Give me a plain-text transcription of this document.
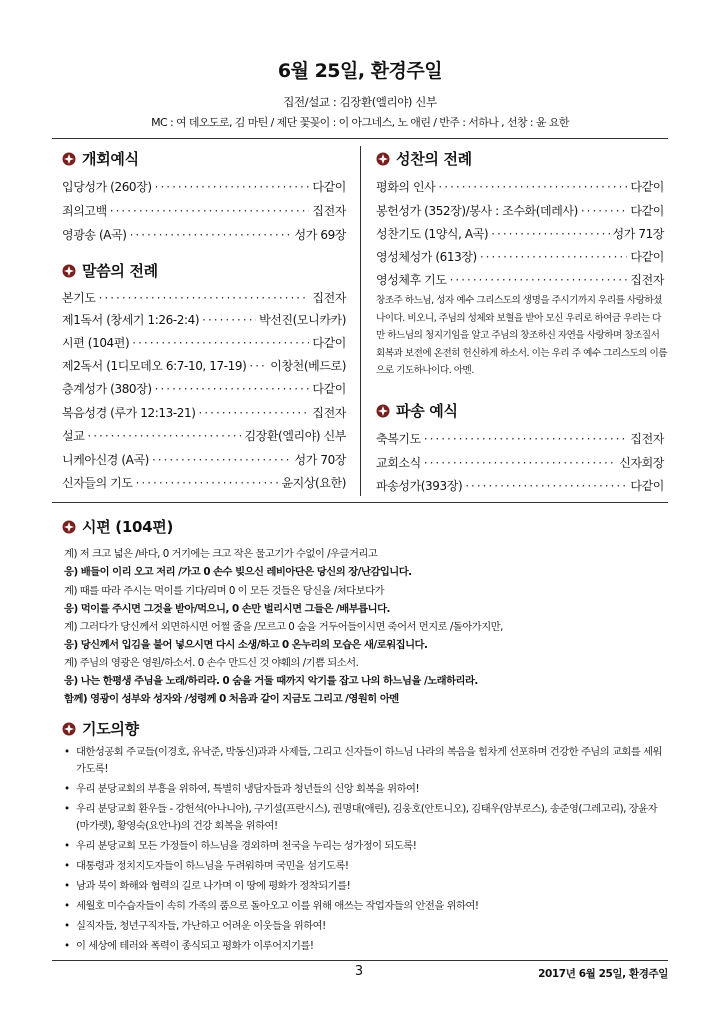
6월 25일, 환경주일
집전/설교 : 김장환(엘리야) 신부
MC : 여 데오도로, 김 마틴 / 제단 꽃꽂이 : 이 아그네스, 노 애린 / 반주 : 서하나 , 선창 : 윤 요한
개회예식
입당성가 (260장) ·····	다같이
죄의고백 ·····	집전자
영광송 (A곡) ·····	성가 69장
말씀의 전례
본기도 ·····	집전자
제1독서 (창세기 1:26-2:4) ·····	박선진(모니카카)
시편 (104편) ·····	다같이
제2독서 (1디모데오 6:7-10, 17-19) ····· 이창천(베드로)
층계성가 (380장) ·····	다같이
복음성경 (루가 12:13-21) ·····	집전자
설교 ·····	김장환(엘리야) 신부
니케아신경 (A곡) ·····	성가 70장
신자들의 기도 ·····	윤지상(요한)
성찬의 전례
평화의 인사 ·····	다같이
봉헌성가 (352장)/봉사 : 조수화(데레사) ·····	다같이
성찬기도 (1양식, A곡) ·····	성가 71장
영성체성가 (613장) ·····	다같이
영성체후 기도 ·····	집전자
창조주 하느님, 성자 예수 그리스도의 생명을 주시기까지 우리를 사랑하셨나이다. 비오니, 주님의 성체와 보혈을 받아 모신 우리로 하여금 우리는 다만 하느님의 청지기임을 알고 주님의 창조하신 자연을 사랑하며 창조질서 회복과 보전에 온전히 헌신하게 하소서. 이는 우리 주 예수 그리스도의 이름으로 기도하나이다. 아멘.
파송 예식
축복기도 ·····	집전자
교회소식 ·····	신자회장
파송성가(393장) ·····	다같이
시편 (104편)
계) 저 크고 넓은 /바다, 0 거기에는 크고 작은 물고기가 수없이 /우글거리고
응) 배들이 이리 오고 저리 /가고 0 손수 빚으신 레비아단은 당신의 장/난감입니다.
계) 때를 따라 주시는 먹이를 기다/리며 0 이 모든 것들은 당신을 /쳐다보다가
응) 먹이를 주시면 그것을 받아/먹으니, 0 손만 벌리시면 그들은 /배부릅니다.
계) 그러다가 당신께서 외면하시면 어쩔 줄을 /모르고 0 숨을 거두어들이시면 죽어서 먼지로 /돌아가지만,
응) 당신께서 입김을 불어 넣으시면 다시 소생/하고 0 온누리의 모습은 새/로워집니다.
계) 주님의 영광은 영원/하소서. 0 손수 만드신 것 야훼의 /기쁨 되소서.
응) 나는 한평생 주님을 노래/하리라. 0 숨을 거둘 때까지 악기를 잡고 나의 하느님을 /노래하리라.
함께) 영광이 성부와 성자와 /성령께 0 처음과 같이 지금도 그리고 /영원히 아멘
기도의향
• 대한성공회 주교들(이경호, 유낙준, 박동신)과과 사제들, 그리고 신자들이 하느님 나라의 복음을 힘차게 선포하며 건강한 주님의 교회를 세워가도록!
• 우리 분당교회의 부흥을 위하여, 특별히 냉담자들과 청년들의 신앙 회복을 위하여!
• 우리 분당교회 환우들 - 강헌석(아나니아), 구기설(프란시스), 권명대(애린), 김웅호(안토니오), 김태우(암부로스), 송준영(그레고리), 장윤자(마가렛), 황영숙(요안나)의 건강 회복을 위하여!
• 우리 분당교회 모든 가정들이 하느님을 경외하며 천국을 누리는 성가정이 되도록!
• 대통령과 정치지도자들이 하느님을 두려워하며 국민을 섬기도록!
• 남과 북이 화해와 협력의 길로 나가며 이 땅에 평화가 정착되기를!
• 세월호 미수습자들이 속히 가족의 품으로 돌아오고 이를 위해 애쓰는 작업자들의 안전을 위하여!
• 실직자들, 청년구직자들, 가난하고 어려운 이웃들을 위하여!
• 이 세상에 테러와 폭력이 종식되고 평화가 이루어지기를!
3	2017년 6월 25일, 환경주일
